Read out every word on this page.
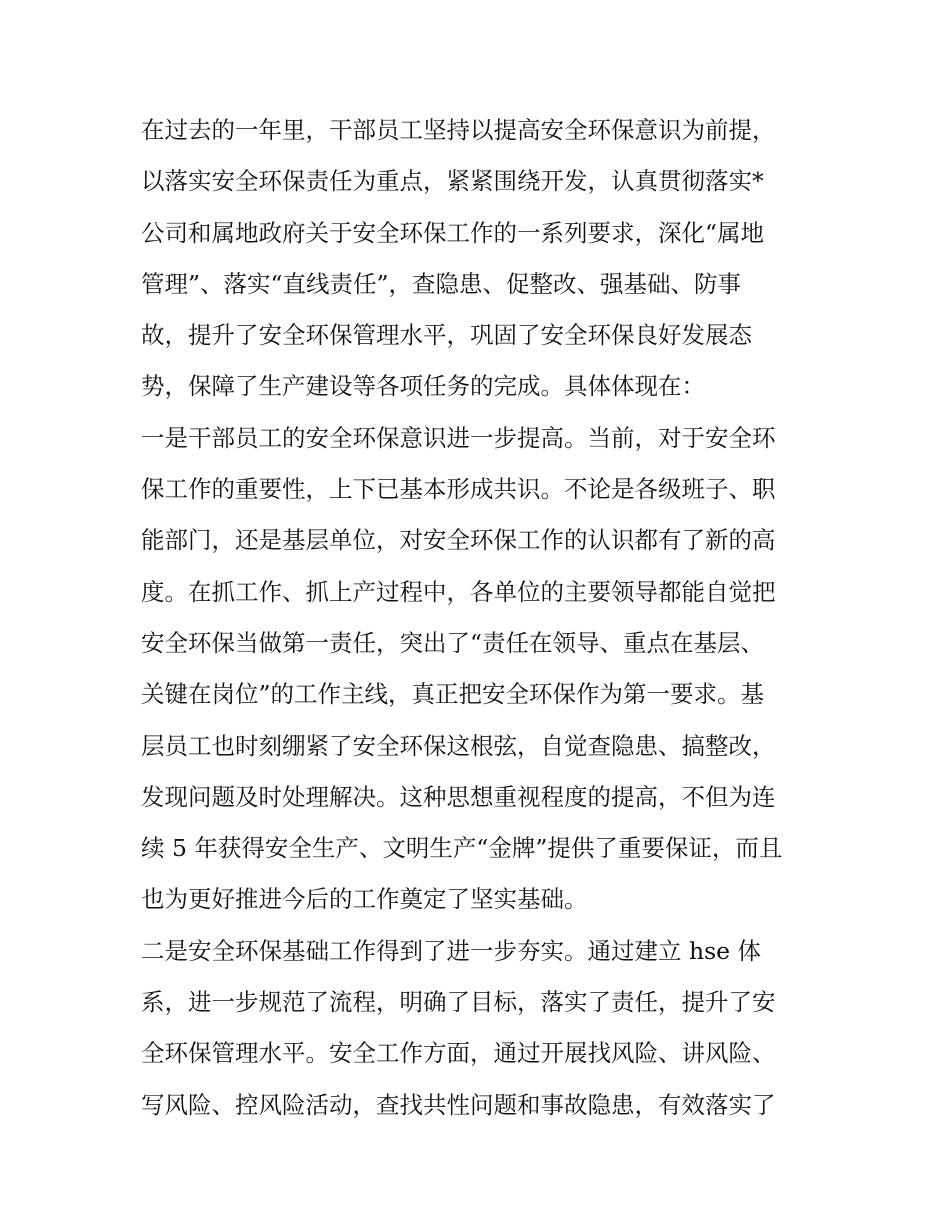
在过去的一年里，干部员工坚持以提高安全环保意识为前提，
以落实安全环保责任为重点，紧紧围绕开发，认真贯彻落实*
公司和属地政府关于安全环保工作的一系列要求，深化“属地
管理”、落实“直线责任”，查隐患、促整改、强基础、防事
故，提升了安全环保管理水平，巩固了安全环保良好发展态
势，保障了生产建设等各项任务的完成。具体体现在：
一是干部员工的安全环保意识进一步提高。当前，对于安全环
保工作的重要性，上下已基本形成共识。不论是各级班子、职
能部门，还是基层单位，对安全环保工作的认识都有了新的高
度。在抓工作、抓上产过程中，各单位的主要领导都能自觉把
安全环保当做第一责任，突出了“责任在领导、重点在基层、
关键在岗位”的工作主线，真正把安全环保作为第一要求。基
层员工也时刻绷紧了安全环保这根弦，自觉查隐患、搞整改，
发现问题及时处理解决。这种思想重视程度的提高，不但为连
续 5 年获得安全生产、文明生产“金牌”提供了重要保证，而且
也为更好推进今后的工作奠定了坚实基础。
二是安全环保基础工作得到了进一步夯实。通过建立 hse 体
系，进一步规范了流程，明确了目标，落实了责任，提升了安
全环保管理水平。安全工作方面，通过开展找风险、讲风险、
写风险、控风险活动，查找共性问题和事故隐患，有效落实了
